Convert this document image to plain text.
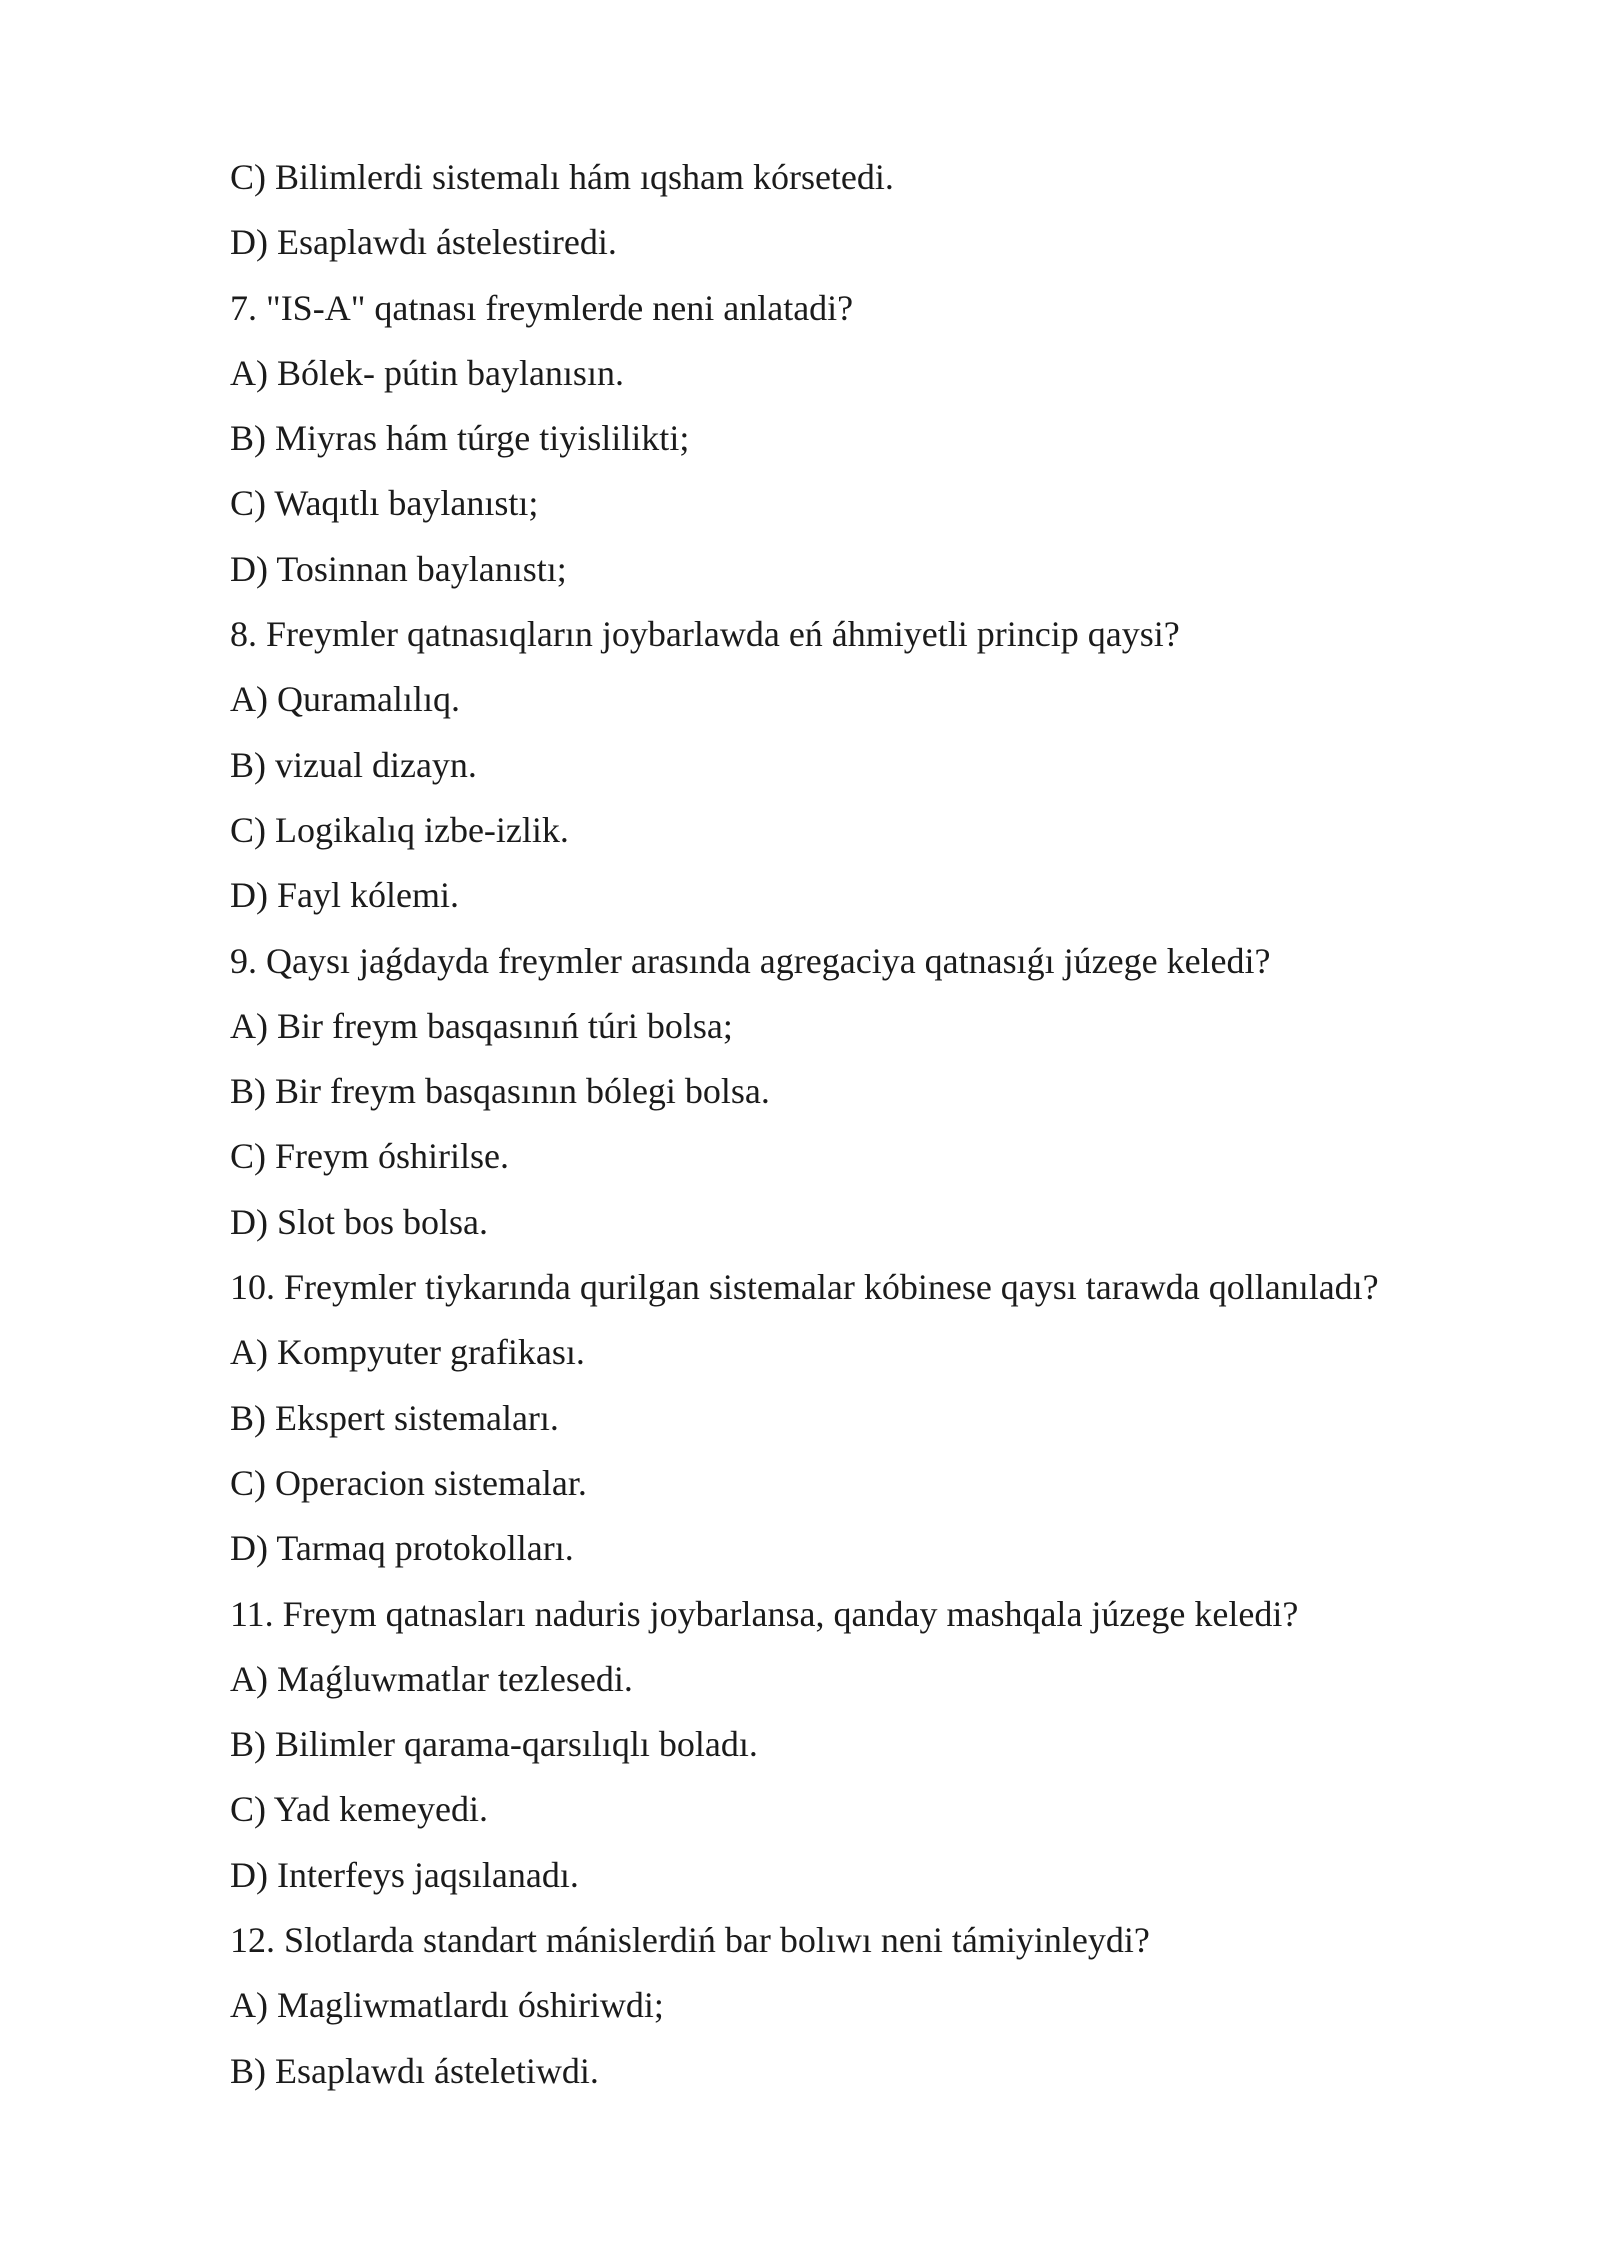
C) Bilimlerdi sistemalı hám ıqsham kórsetedi.
D) Esaplawdı ástelestiredi.
7. "IS-A" qatnası freymlerde neni anlatadi?
A) Bólek- pútin baylanısın.
B) Miyras hám túrge tiyislilikti;
C) Waqıtlı baylanıstı;
D) Tosinnan baylanıstı;
8. Freymler qatnasıqların joybarlawda eń áhmiyetli princip qaysi?
A) Quramalılıq.
B) vizual dizayn.
C) Logikalıq izbe-izlik.
D) Fayl kólemi.
9. Qaysı jaǵdayda freymler arasında agregaciya qatnasıǵı júzege keledi?
A) Bir freym basqasınıń túri bolsa;
B) Bir freym basqasının bólegi bolsa.
C) Freym óshirilse.
D) Slot bos bolsa.
10. Freymler tiykarında qurilgan sistemalar kóbinese qaysı tarawda qollanıladı?
A) Kompyuter grafikası.
B) Ekspert sistemaları.
C) Operacion sistemalar.
D) Tarmaq protokolları.
11. Freym qatnasları naduris joybarlansa, qanday mashqala júzege keledi?
A) Maǵluwmatlar tezlesedi.
B) Bilimler qarama-qarsılıqlı boladı.
C) Yad kemeyedi.
D) Interfeys jaqsılanadı.
12. Slotlarda standart mánislerdiń bar bolıwı neni támiyinleydi?
A) Magliwmatlardı óshiriwdi;
B) Esaplawdı ásteletiwdi.
